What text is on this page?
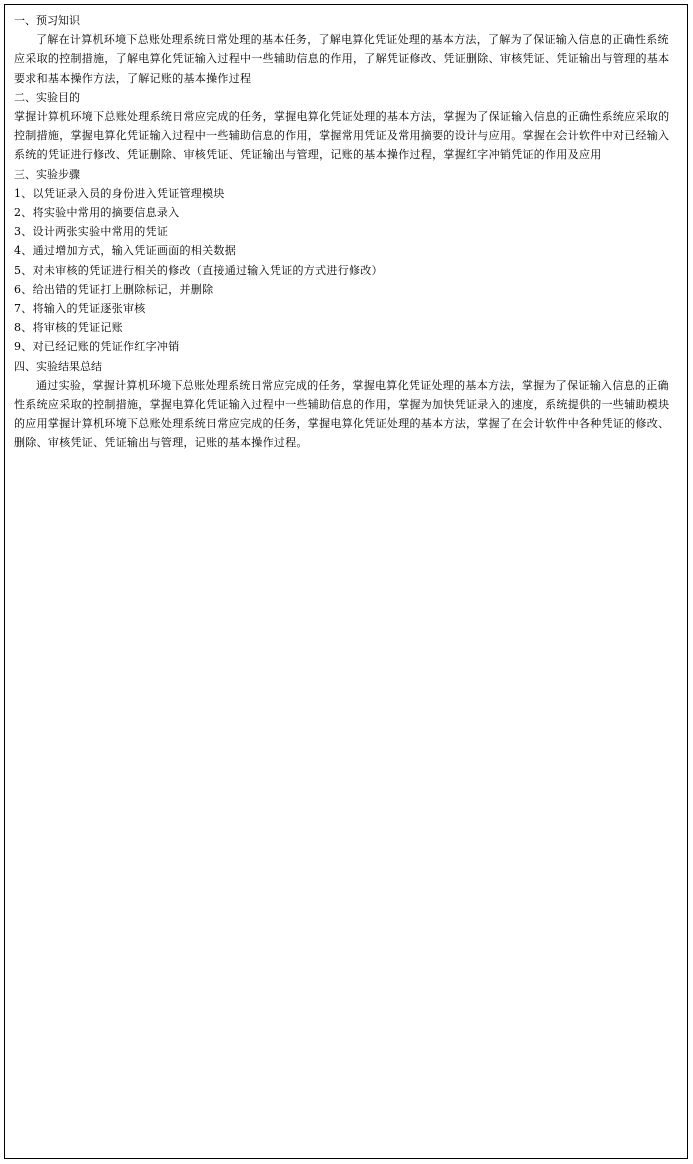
一、预习知识
了解在计算机环境下总账处理系统日常处理的基本任务，了解电算化凭证处理的基本方法，了解为了保证输入信息的正确性系统应采取的控制措施，了解电算化凭证输入过程中一些辅助信息的作用，了解凭证修改、凭证删除、审核凭证、凭证输出与管理的基本要求和基本操作方法，了解记账的基本操作过程
二、实验目的
掌握计算机环境下总账处理系统日常应完成的任务，掌握电算化凭证处理的基本方法，掌握为了保证输入信息的正确性系统应采取的控制措施，掌握电算化凭证输入过程中一些辅助信息的作用，掌握常用凭证及常用摘要的设计与应用。掌握在会计软件中对已经输入系统的凭证进行修改、凭证删除、审核凭证、凭证输出与管理，记账的基本操作过程，掌握红字冲销凭证的作用及应用
三、实验步骤
1、以凭证录入员的身份进入凭证管理模块
2、将实验中常用的摘要信息录入
3、设计两张实验中常用的凭证
4、通过增加方式，输入凭证画面的相关数据
5、对未审核的凭证进行相关的修改（直接通过输入凭证的方式进行修改）
6、给出错的凭证打上删除标记，并删除
7、将输入的凭证逐张审核
8、将审核的凭证记账
9、对已经记账的凭证作红字冲销
四、实验结果总结
通过实验，掌握计算机环境下总账处理系统日常应完成的任务，掌握电算化凭证处理的基本方法，掌握为了保证输入信息的正确性系统应采取的控制措施，掌握电算化凭证输入过程中一些辅助信息的作用，掌握为加快凭证录入的速度，系统提供的一些辅助模块的应用掌握计算机环境下总账处理系统日常应完成的任务，掌握电算化凭证处理的基本方法，掌握了在会计软件中各种凭证的修改、删除、审核凭证、凭证输出与管理，记账的基本操作过程。
